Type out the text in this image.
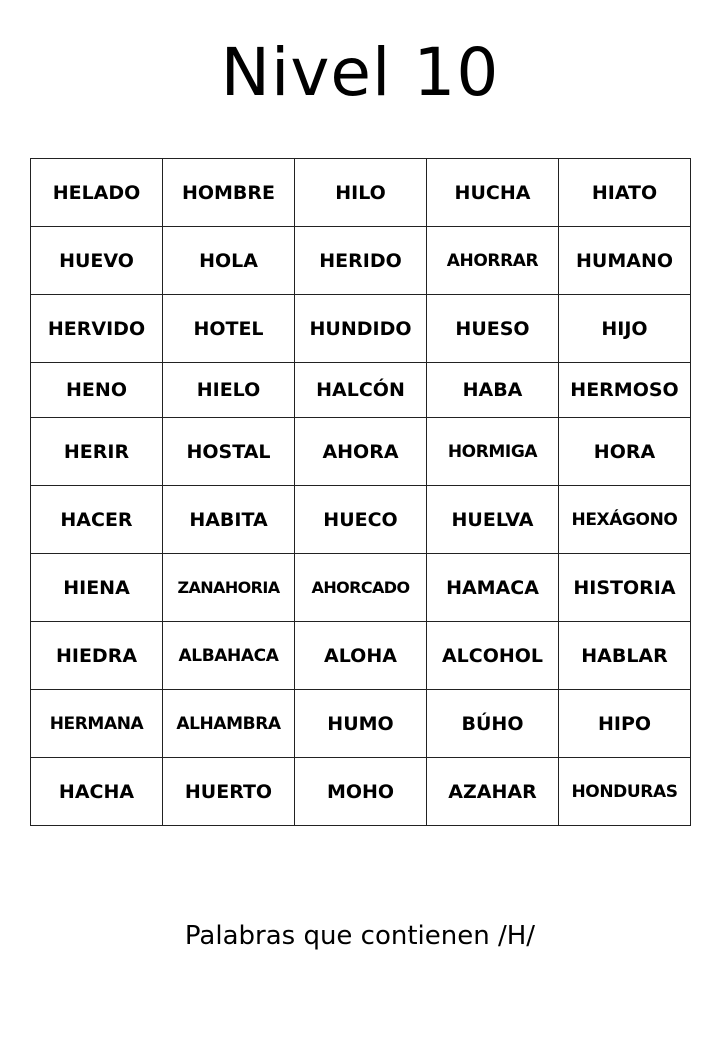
Nivel 10
HELADO	HOMBRE	HILO	HUCHA	HIATO
HUEVO	HOLA	HERIDO	AHORRAR	HUMANO
HERVIDO	HOTEL	HUNDIDO	HUESO	HIJO
HENO	HIELO	HALCÓN	HABA	HERMOSO
HERIR	HOSTAL	AHORA	HORMIGA	HORA
HACER	HABITA	HUECO	HUELVA	HEXÁGONO
HIENA	ZANAHORIA	AHORCADO	HAMACA	HISTORIA
HIEDRA	ALBAHACA	ALOHA	ALCOHOL	HABLAR
HERMANA	ALHAMBRA	HUMO	BÚHO	HIPO
HACHA	HUERTO	MOHO	AZAHAR	HONDURAS

Palabras que contienen /H/
